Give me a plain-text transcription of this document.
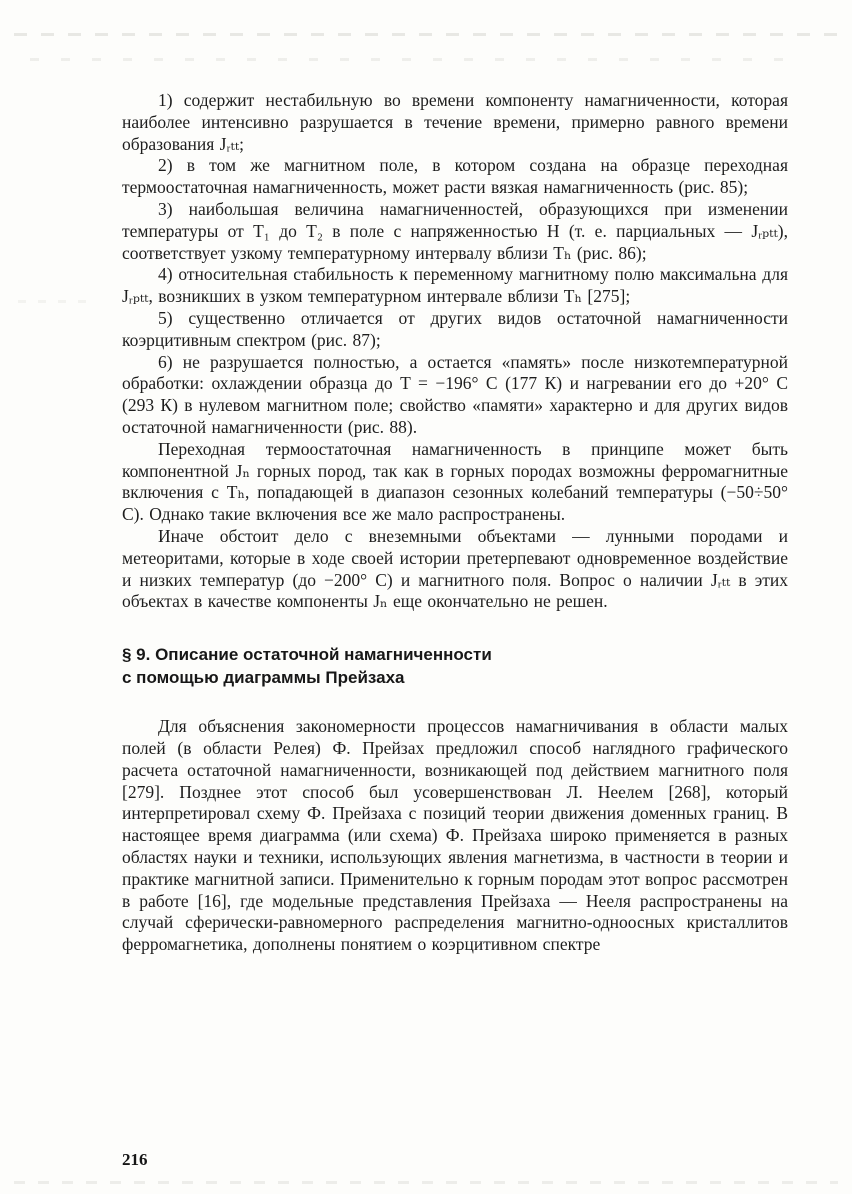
1) содержит нестабильную во времени компоненту намагниченности, которая наиболее интенсивно разрушается в течение времени, примерно равного времени образования Jᵣₜₜ;

2) в том же магнитном поле, в котором создана на образце переходная термоостаточная намагниченность, может расти вязкая намагниченность (рис. 85);

3) наибольшая величина намагниченностей, образующихся при изменении температуры от T₁ до T₂ в поле с напряженностью H (т. е. парциальных — Jᵣₚₜₜ), соответствует узкому температурному интервалу вблизи Tₕ (рис. 86);

4) относительная стабильность к переменному магнитному полю максимальна для Jᵣₚₜₜ, возникших в узком температурном интервале вблизи Tₕ [275];

5) существенно отличается от других видов остаточной намагниченности коэрцитивным спектром (рис. 87);

6) не разрушается полностью, а остается «память» после низкотемпературной обработки: охлаждении образца до T = −196° C (177 К) и нагревании его до +20° C (293 К) в нулевом магнитном поле; свойство «памяти» характерно и для других видов остаточной намагниченности (рис. 88).

Переходная термоостаточная намагниченность в принципе может быть компонентной Jₙ горных пород, так как в горных породах возможны ферромагнитные включения с Tₕ, попадающей в диапазон сезонных колебаний температуры (−50÷50° C). Однако такие включения все же мало распространены.

Иначе обстоит дело с внеземными объектами — лунными породами и метеоритами, которые в ходе своей истории претерпевают одновременное воздействие и низких температур (до −200° C) и магнитного поля. Вопрос о наличии Jᵣₜₜ в этих объектах в качестве компоненты Jₙ еще окончательно не решен.

§ 9. Описание остаточной намагниченности
с помощью диаграммы Прейзаха

Для объяснения закономерности процессов намагничивания в области малых полей (в области Релея) Ф. Прейзах предложил способ наглядного графического расчета остаточной намагниченности, возникающей под действием магнитного поля [279]. Позднее этот способ был усовершенствован Л. Неелем [268], который интерпретировал схему Ф. Прейзаха с позиций теории движения доменных границ. В настоящее время диаграмма (или схема) Ф. Прейзаха широко применяется в разных областях науки и техники, использующих явления магнетизма, в частности в теории и практике магнитной записи. Применительно к горным породам этот вопрос рассмотрен в работе [16], где модельные представления Прейзаха — Нееля распространены на случай сферически-равномерного распределения магнитно-одноосных кристаллитов ферромагнетика, дополнены понятием о коэрцитивном спектре

216
